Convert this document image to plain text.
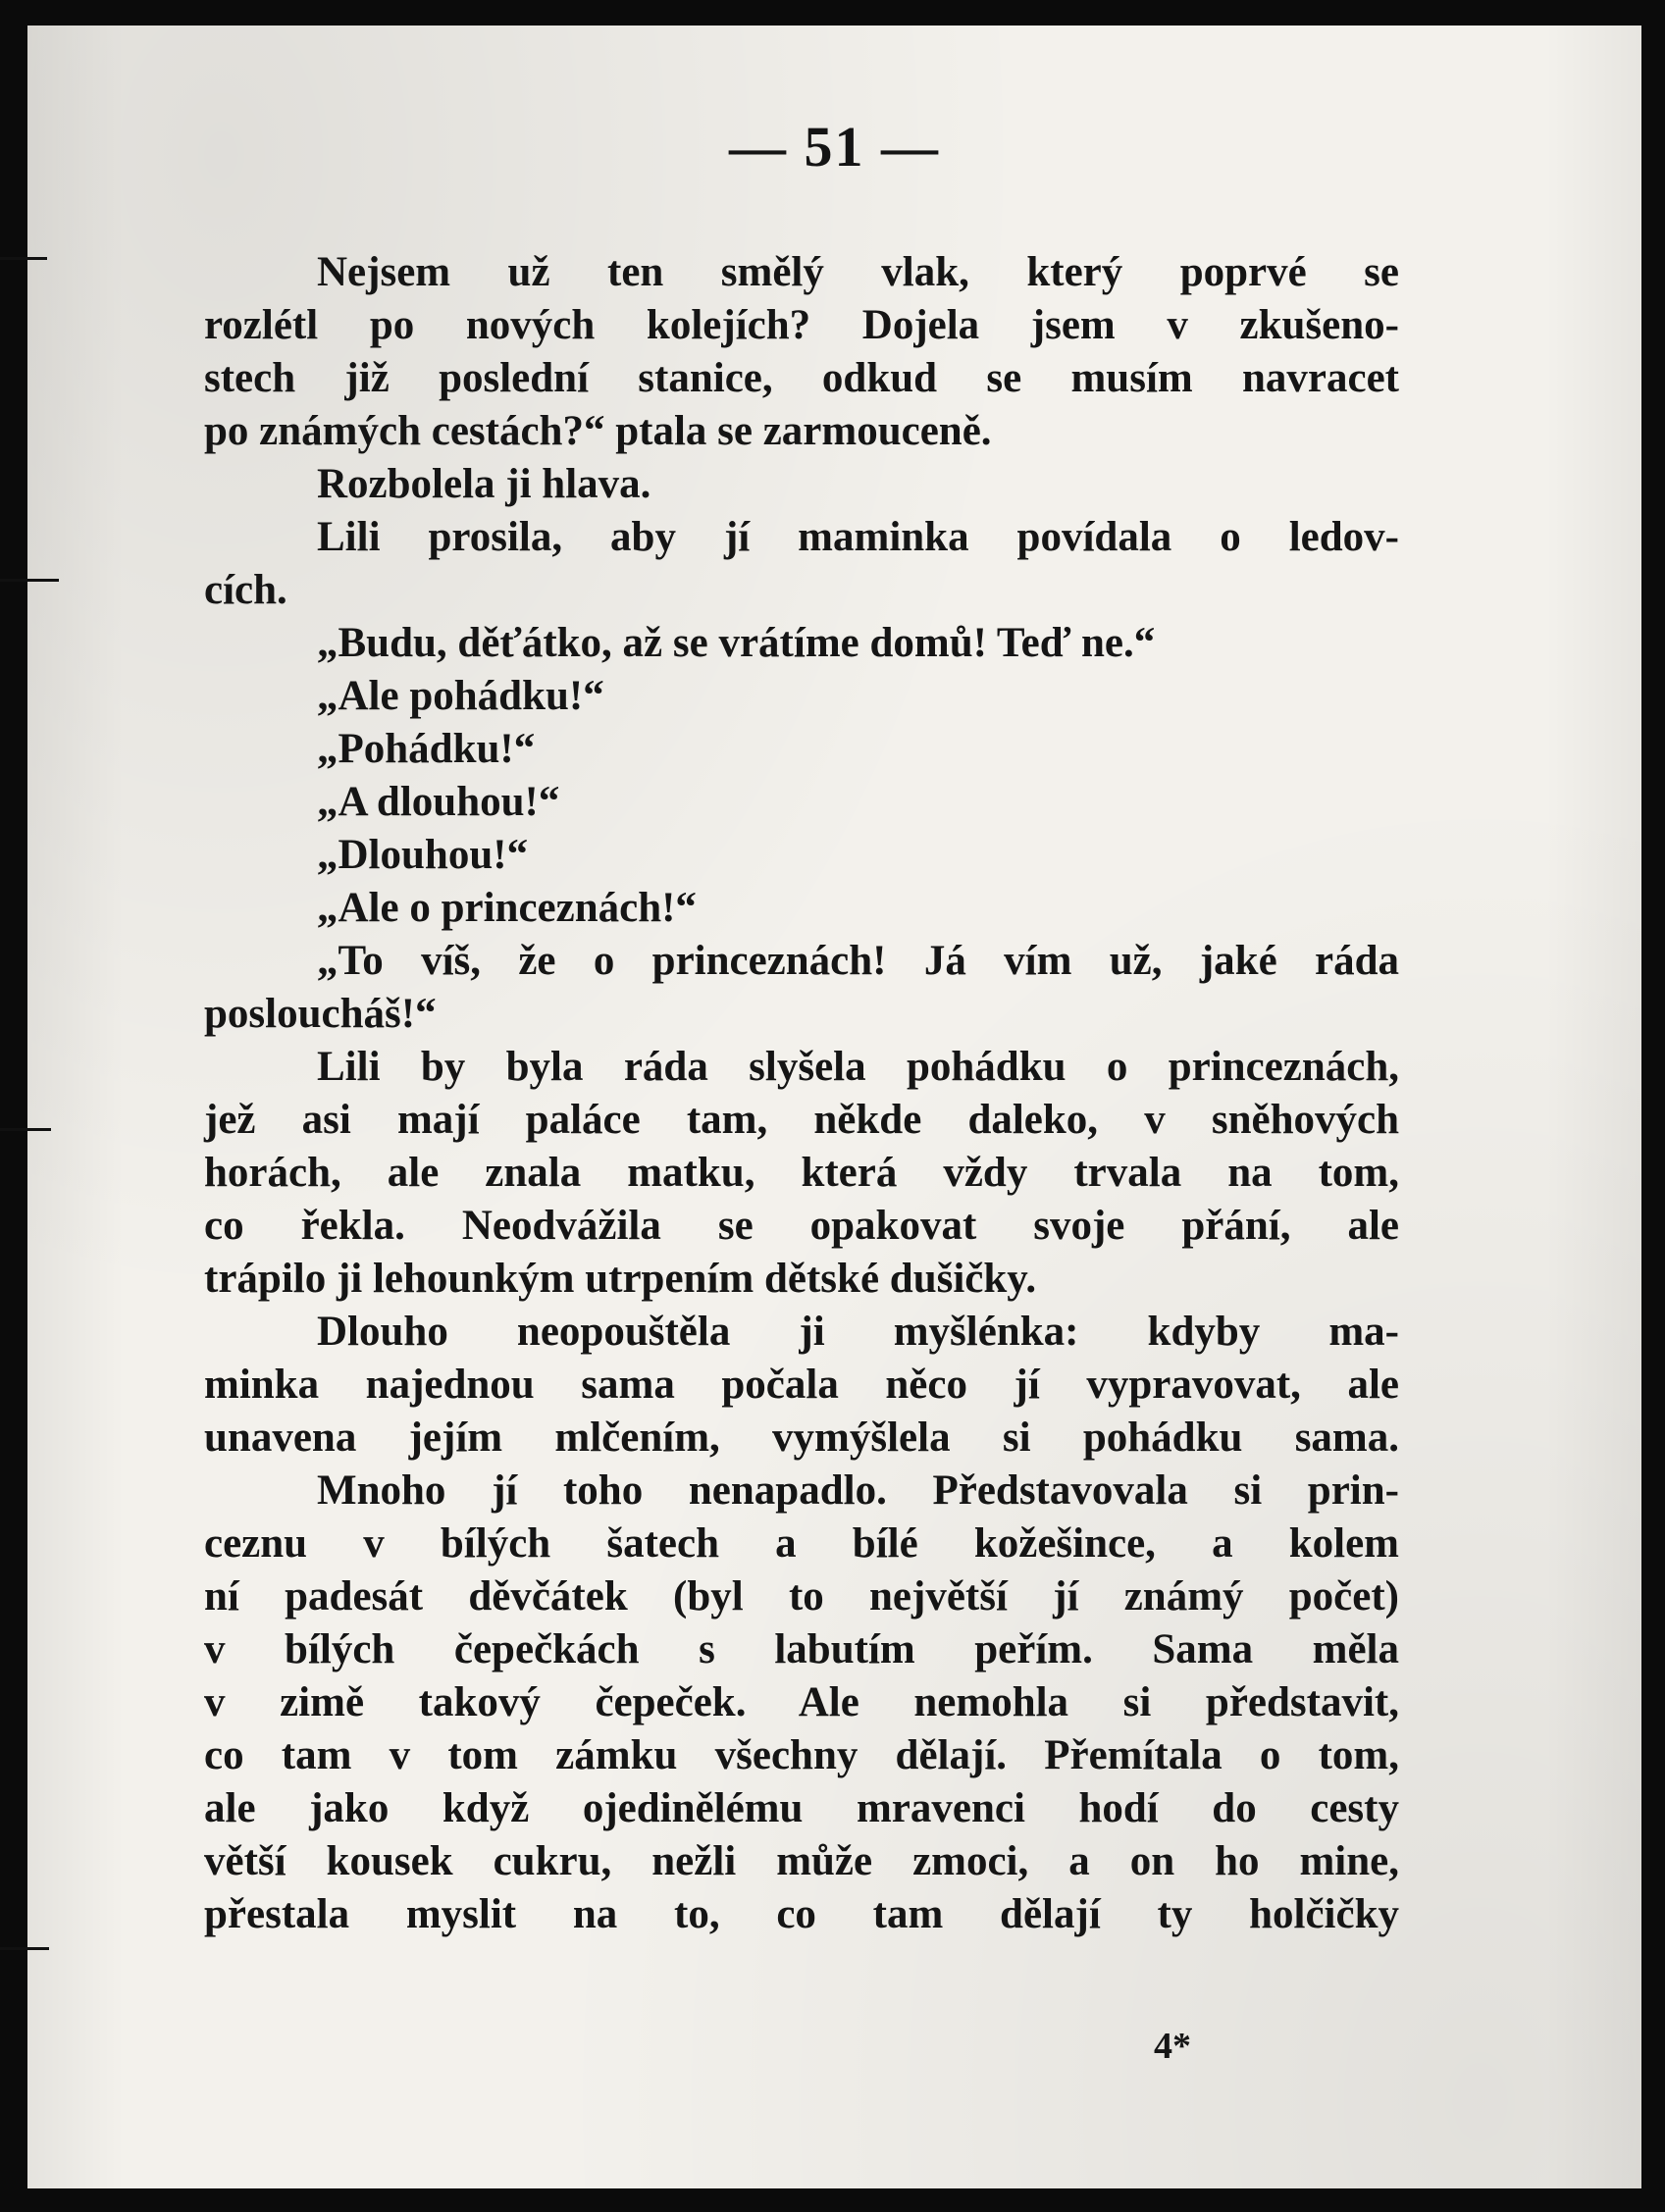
— 51 —
Nejsem už ten smělý vlak, který poprvé se
rozlétl po nových kolejích? Dojela jsem v zkušeno-
stech již poslední stanice, odkud se musím navracet
po známých cestách?“ ptala se zarmouceně.
Rozbolela ji hlava.
Lili prosila, aby jí maminka povídala o ledov-
cích.
„Budu, děťátko, až se vrátíme domů! Teď ne.“
„Ale pohádku!“
„Pohádku!“
„A dlouhou!“
„Dlouhou!“
„Ale o princeznách!“
„To víš, že o princeznách! Já vím už, jaké ráda
posloucháš!“
Lili by byla ráda slyšela pohádku o princeznách,
jež asi mají paláce tam, někde daleko, v sněhových
horách, ale znala matku, která vždy trvala na tom,
co řekla. Neodvážila se opakovat svoje přání, ale
trápilo ji lehounkým utrpením dětské dušičky.
Dlouho neopouštěla ji myšlénka: kdyby ma-
minka najednou sama počala něco jí vypravovat, ale
unavena jejím mlčením, vymýšlela si pohádku sama.
Mnoho jí toho nenapadlo. Představovala si prin-
ceznu v bílých šatech a bílé kožešince, a kolem
ní padesát děvčátek (byl to největší jí známý počet)
v bílých čepečkách s labutím peřím. Sama měla
v zimě takový čepeček. Ale nemohla si představit,
co tam v tom zámku všechny dělají. Přemítala o tom,
ale jako když ojedinělému mravenci hodí do cesty
větší kousek cukru, nežli může zmoci, a on ho mine,
přestala myslit na to, co tam dělají ty holčičky
4*
